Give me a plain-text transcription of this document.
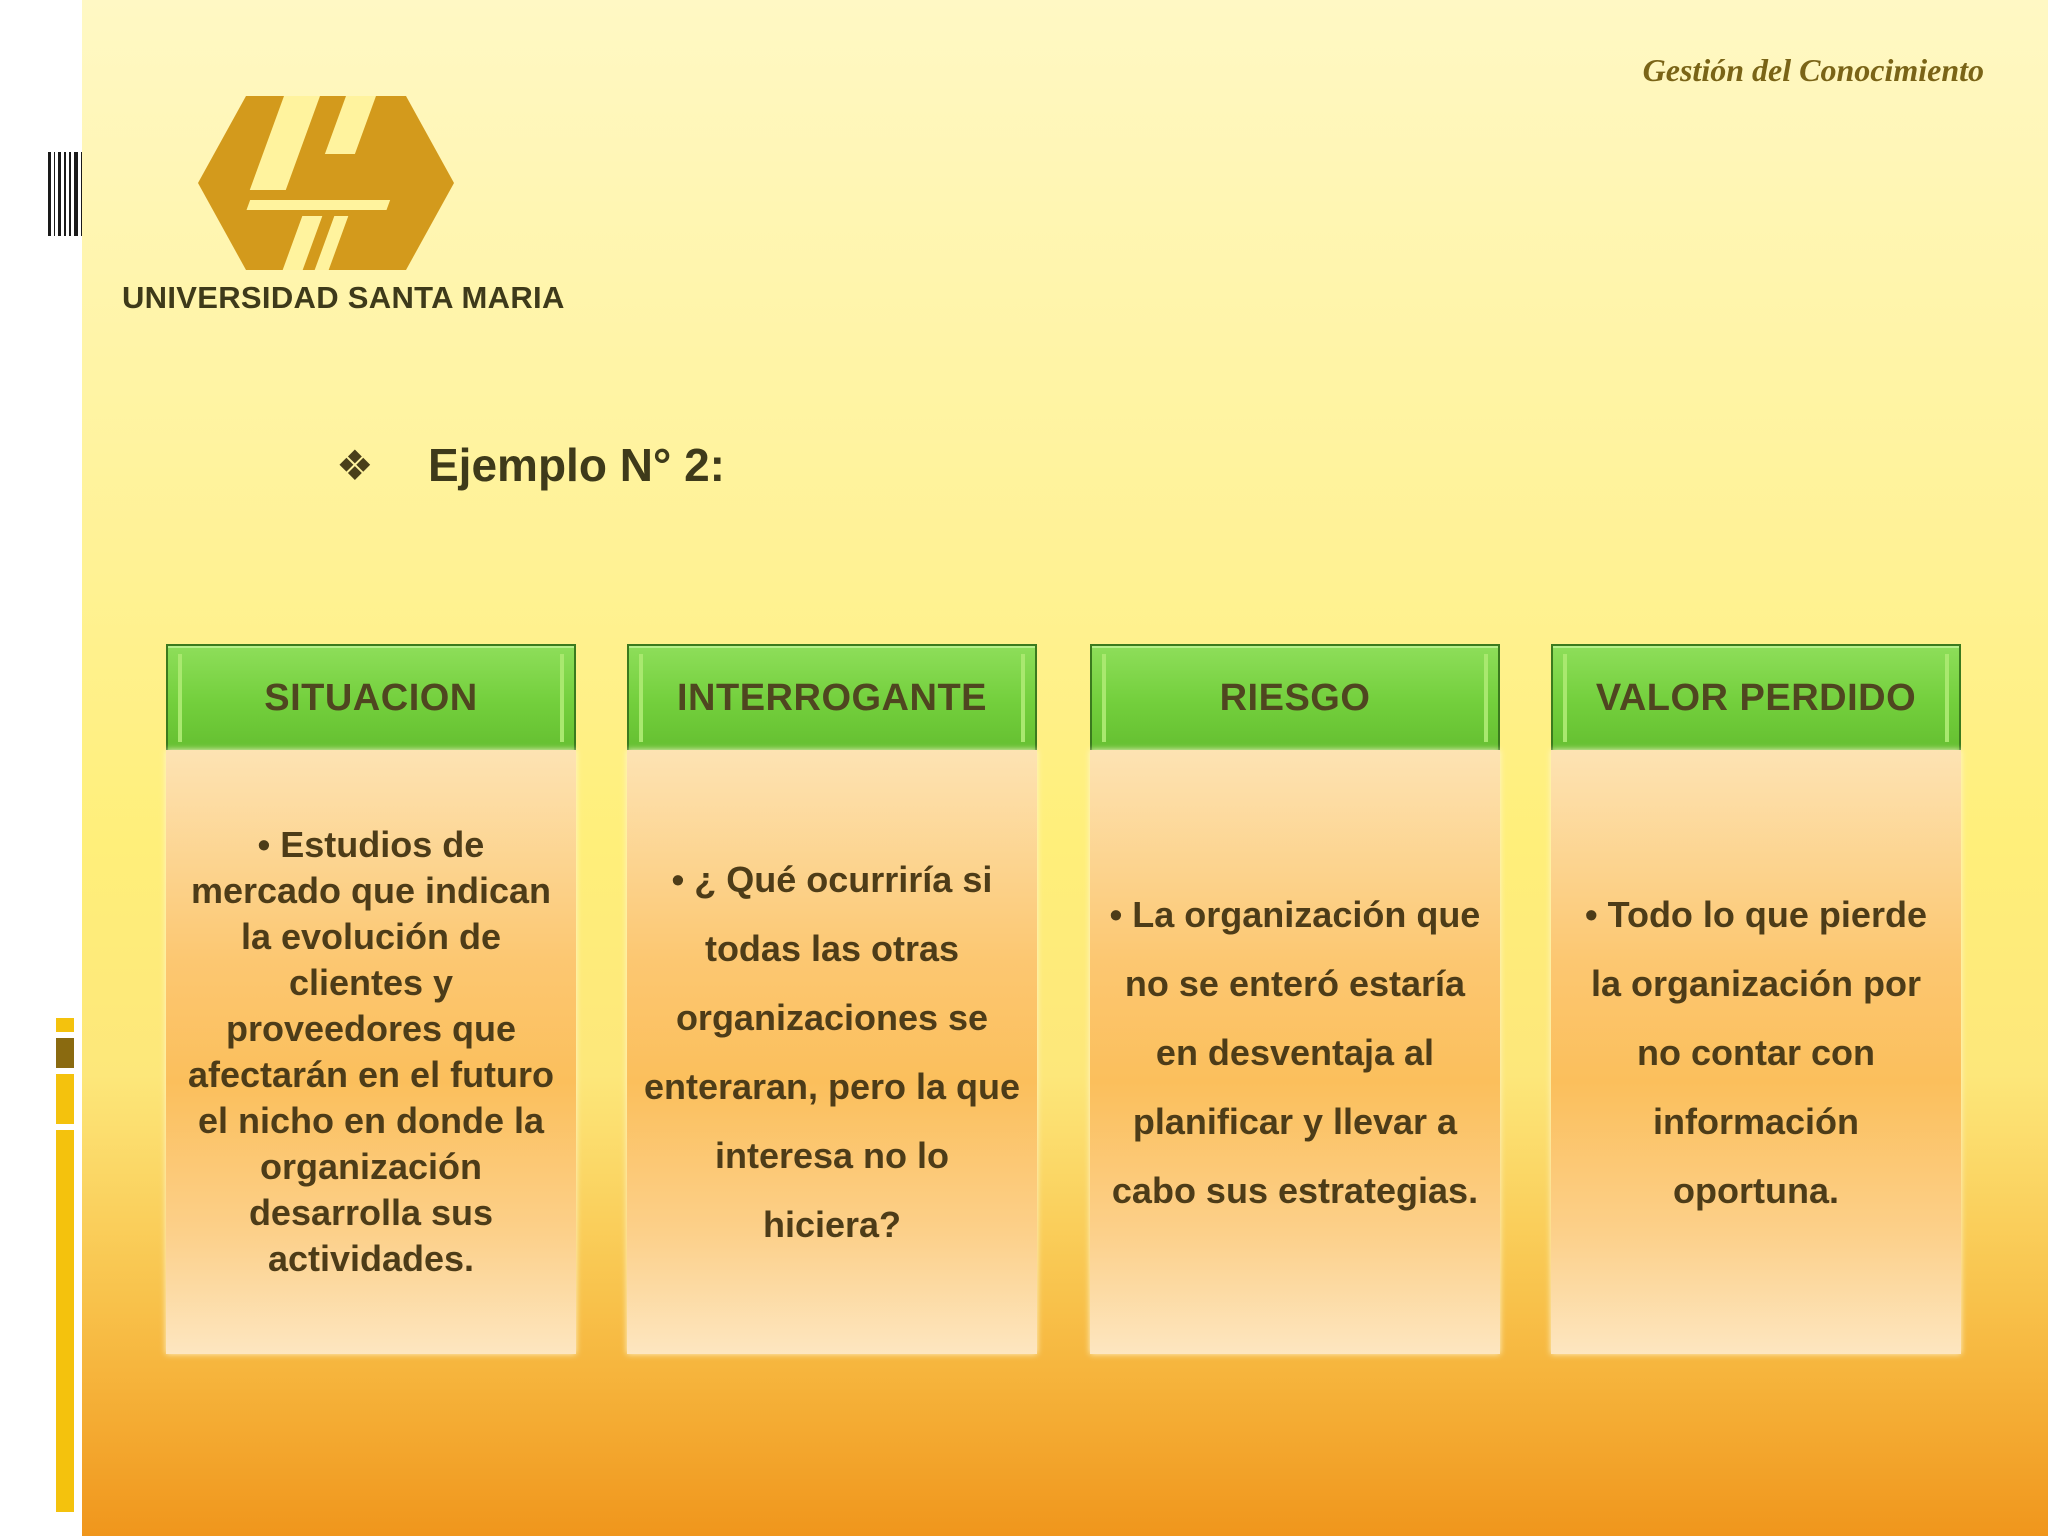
Gestión del Conocimiento
UNIVERSIDAD SANTA MARIA
❖	Ejemplo N° 2:
SITUACION

• Estudios de mercado que indican la evolución de clientes y proveedores que afectarán en el futuro el nicho en donde la organización desarrolla sus actividades.

INTERROGANTE

• ¿ Qué ocurriría si todas las otras organizaciones se enteraran, pero la que interesa no lo hiciera?

RIESGO

• La organización que no se enteró estaría en desventaja al planificar y llevar a cabo sus estrategias.

VALOR PERDIDO

• Todo lo que pierde la organización por no contar con información oportuna.
